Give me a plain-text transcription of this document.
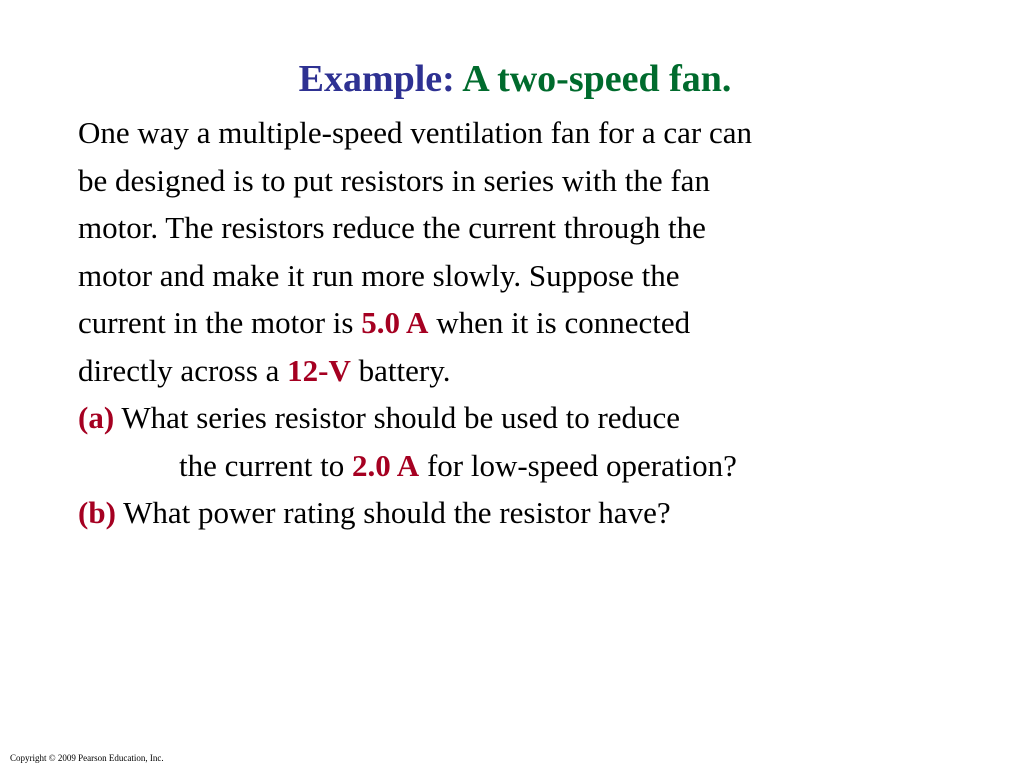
Example: A two-speed fan.
One way a multiple-speed ventilation fan for a car can
be designed is to put resistors in series with the fan
motor. The resistors reduce the current through the
motor and make it run more slowly. Suppose the
current in the motor is 5.0 A when it is connected
directly across a 12-V battery.
(a) What series resistor should be used to reduce
the current to 2.0 A for low-speed operation?
(b) What power rating should the resistor have?
Copyright © 2009 Pearson Education, Inc.
